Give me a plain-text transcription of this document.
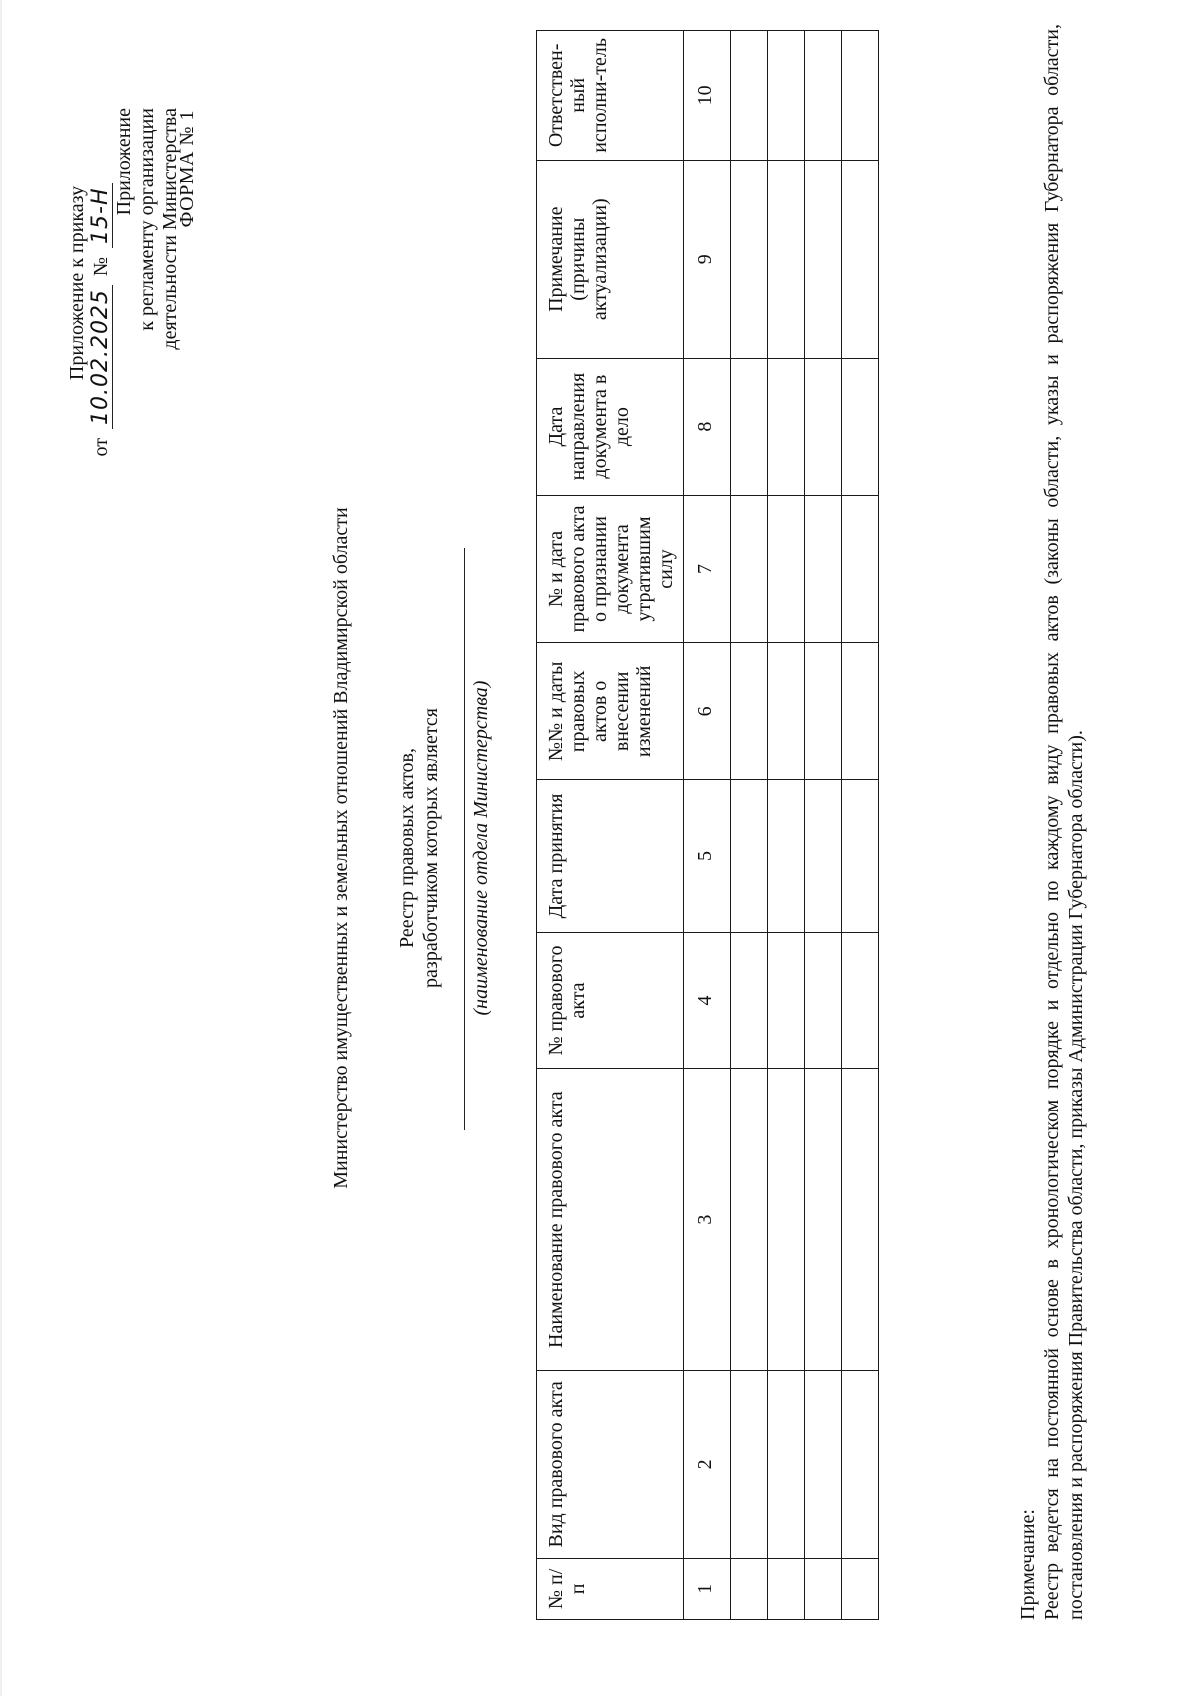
Приложение к приказу
от 10.02.2025 № 15-Н
Приложение к регламенту организации деятельности Министерства
ФОРМА № 1
Министерство имущественных и земельных отношений Владимирской области Реестр правовых актов, разработчиком которых является (наименование отдела Министерства)
№ п/п	Вид правового акта	Наименование правового акта	№ правового акта	Дата принятия	№№ и даты правовых актов о внесении изменений	№ и дата правового акта о признании документа утратившим силу	Дата направления документа в дело	Примечание (причины актуализации)	Ответствен-ный исполни-тель
1	2	3	4	5	6	7	8	9	10

Примечание: Реестр ведется на постоянной основе в хронологическом порядке и отдельно по каждому виду правовых актов (законы области, указы и распоряжения Губернатора области, постановления и распоряжения Правительства области, приказы Администрации Губернатора области).
